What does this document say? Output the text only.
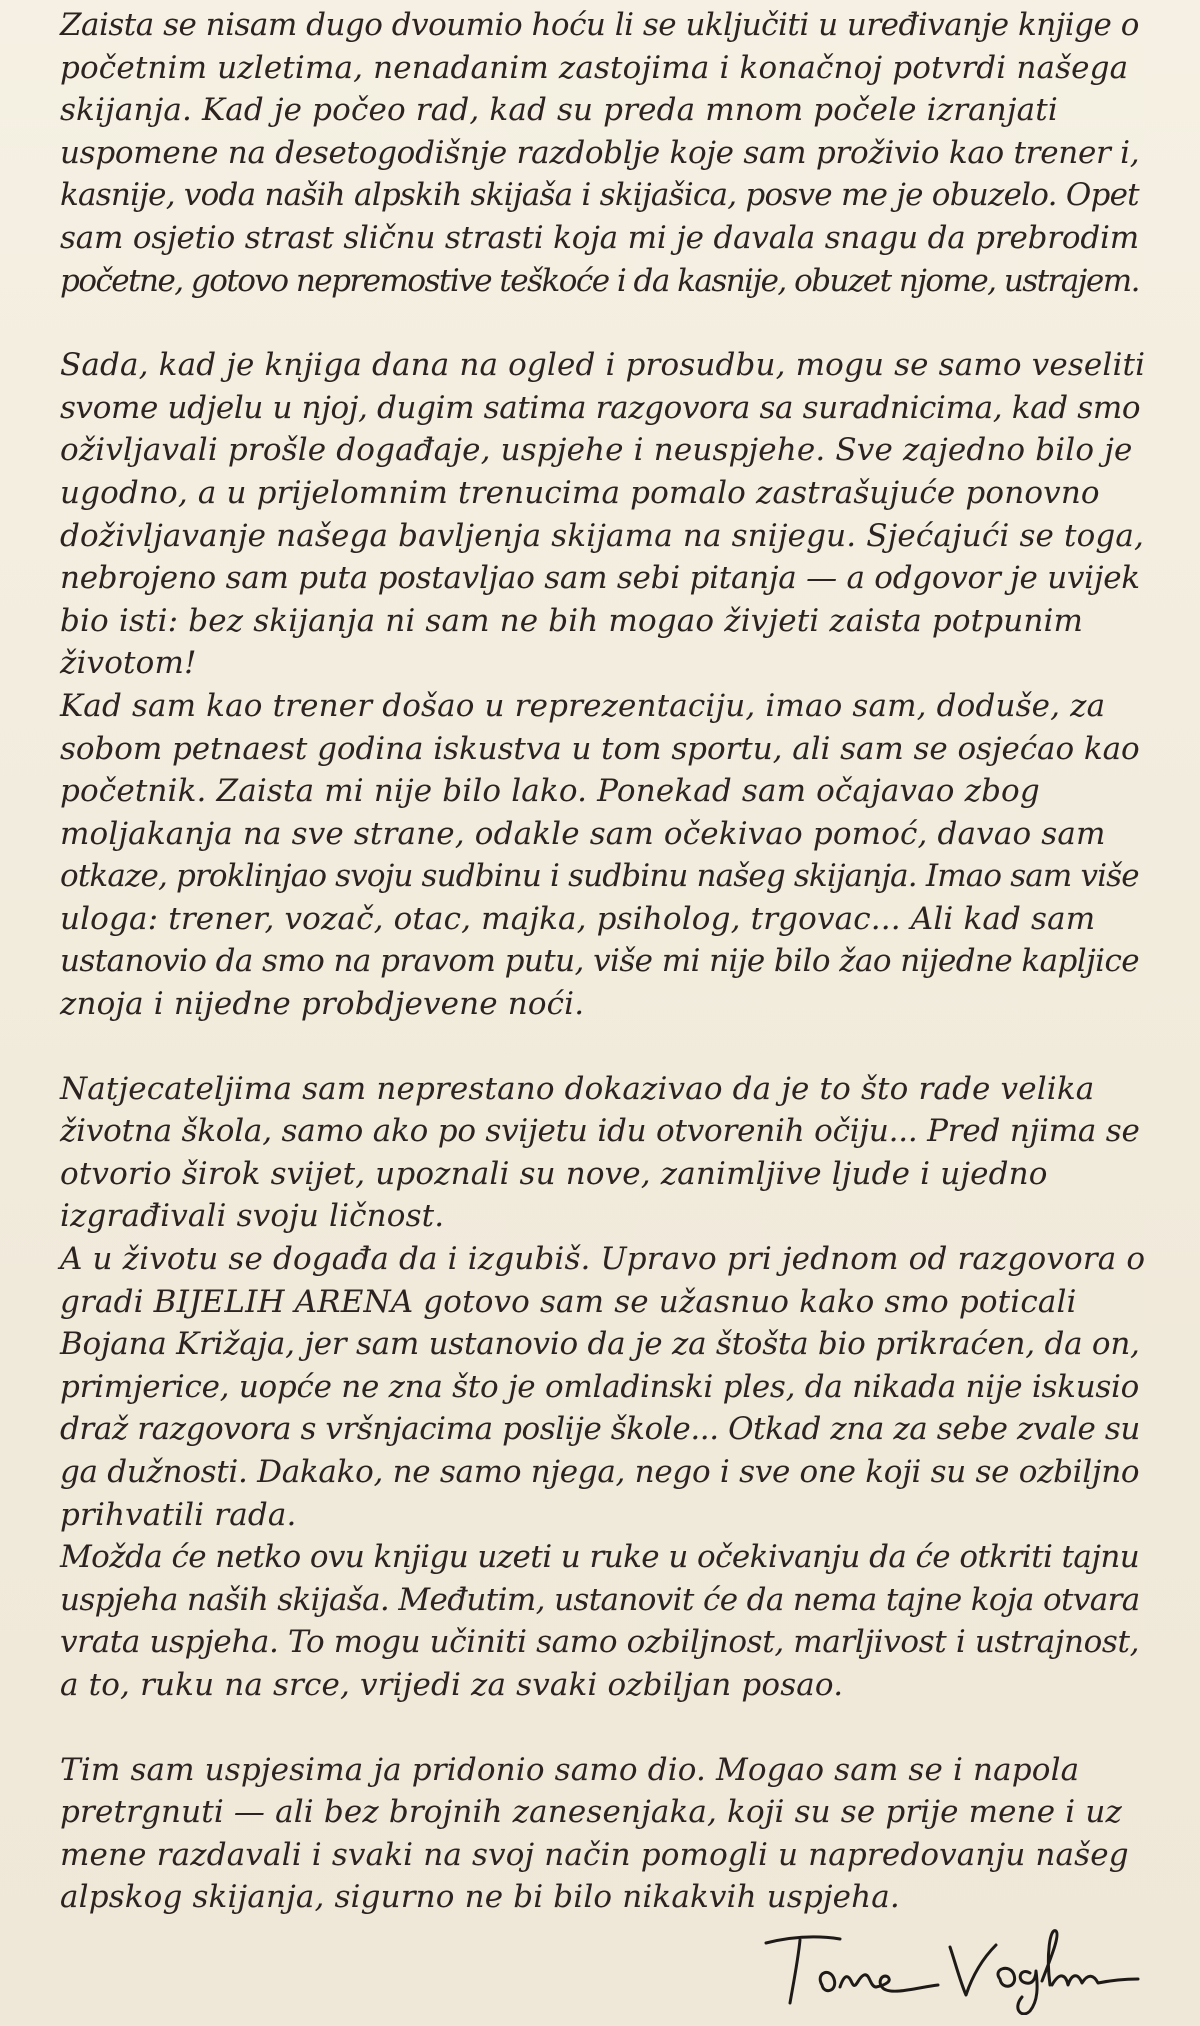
Zaista se nisam dugo dvoumio hoću li se uključiti u uređivanje knjige o
početnim uzletima, nenadanim zastojima i konačnoj potvrdi našega
skijanja. Kad je počeo rad, kad su preda mnom počele izranjati
uspomene na desetogodišnje razdoblje koje sam proživio kao trener i,
kasnije, voda naših alpskih skijaša i skijašica, posve me je obuzelo. Opet
sam osjetio strast sličnu strasti koja mi je davala snagu da prebrodim
početne, gotovo nepremostive teškoće i da kasnije, obuzet njome, ustrajem.

Sada, kad je knjiga dana na ogled i prosudbu, mogu se samo veseliti
svome udjelu u njoj, dugim satima razgovora sa suradnicima, kad smo
oživljavali prošle događaje, uspjehe i neuspjehe. Sve zajedno bilo je
ugodno, a u prijelomnim trenucima pomalo zastrašujuće ponovno
doživljavanje našega bavljenja skijama na snijegu. Sjećajući se toga,
nebrojeno sam puta postavljao sam sebi pitanja — a odgovor je uvijek
bio isti: bez skijanja ni sam ne bih mogao živjeti zaista potpunim
životom!

Kad sam kao trener došao u reprezentaciju, imao sam, doduše, za
sobom petnaest godina iskustva u tom sportu, ali sam se osjećao kao
početnik. Zaista mi nije bilo lako. Ponekad sam očajavao zbog
moljakanja na sve strane, odakle sam očekivao pomoć, davao sam
otkaze, proklinjao svoju sudbinu i sudbinu našeg skijanja. Imao sam više
uloga: trener, vozač, otac, majka, psiholog, trgovac... Ali kad sam
ustanovio da smo na pravom putu, više mi nije bilo žao nijedne kapljice
znoja i nijedne probdjevene noći.

Natjecateljima sam neprestano dokazivao da je to što rade velika
životna škola, samo ako po svijetu idu otvorenih očiju... Pred njima se
otvorio širok svijet, upoznali su nove, zanimljive ljude i ujedno
izgrađivali svoju ličnost.

A u životu se događa da i izgubiš. Upravo pri jednom od razgovora o
gradi BIJELIH ARENA gotovo sam se užasnuo kako smo poticali
Bojana Križaja, jer sam ustanovio da je za štošta bio prikraćen, da on,
primjerice, uopće ne zna što je omladinski ples, da nikada nije iskusio
draž razgovora s vršnjacima poslije škole... Otkad zna za sebe zvale su
ga dužnosti. Dakako, ne samo njega, nego i sve one koji su se ozbiljno
prihvatili rada.

Možda će netko ovu knjigu uzeti u ruke u očekivanju da će otkriti tajnu
uspjeha naših skijaša. Međutim, ustanovit će da nema tajne koja otvara
vrata uspjeha. To mogu učiniti samo ozbiljnost, marljivost i ustrajnost,
a to, ruku na srce, vrijedi za svaki ozbiljan posao.

Tim sam uspjesima ja pridonio samo dio. Mogao sam se i napola
pretrgnuti — ali bez brojnih zanesenjaka, koji su se prije mene i uz
mene razdavali i svaki na svoj način pomogli u napredovanju našeg
alpskog skijanja, sigurno ne bi bilo nikakvih uspjeha.
